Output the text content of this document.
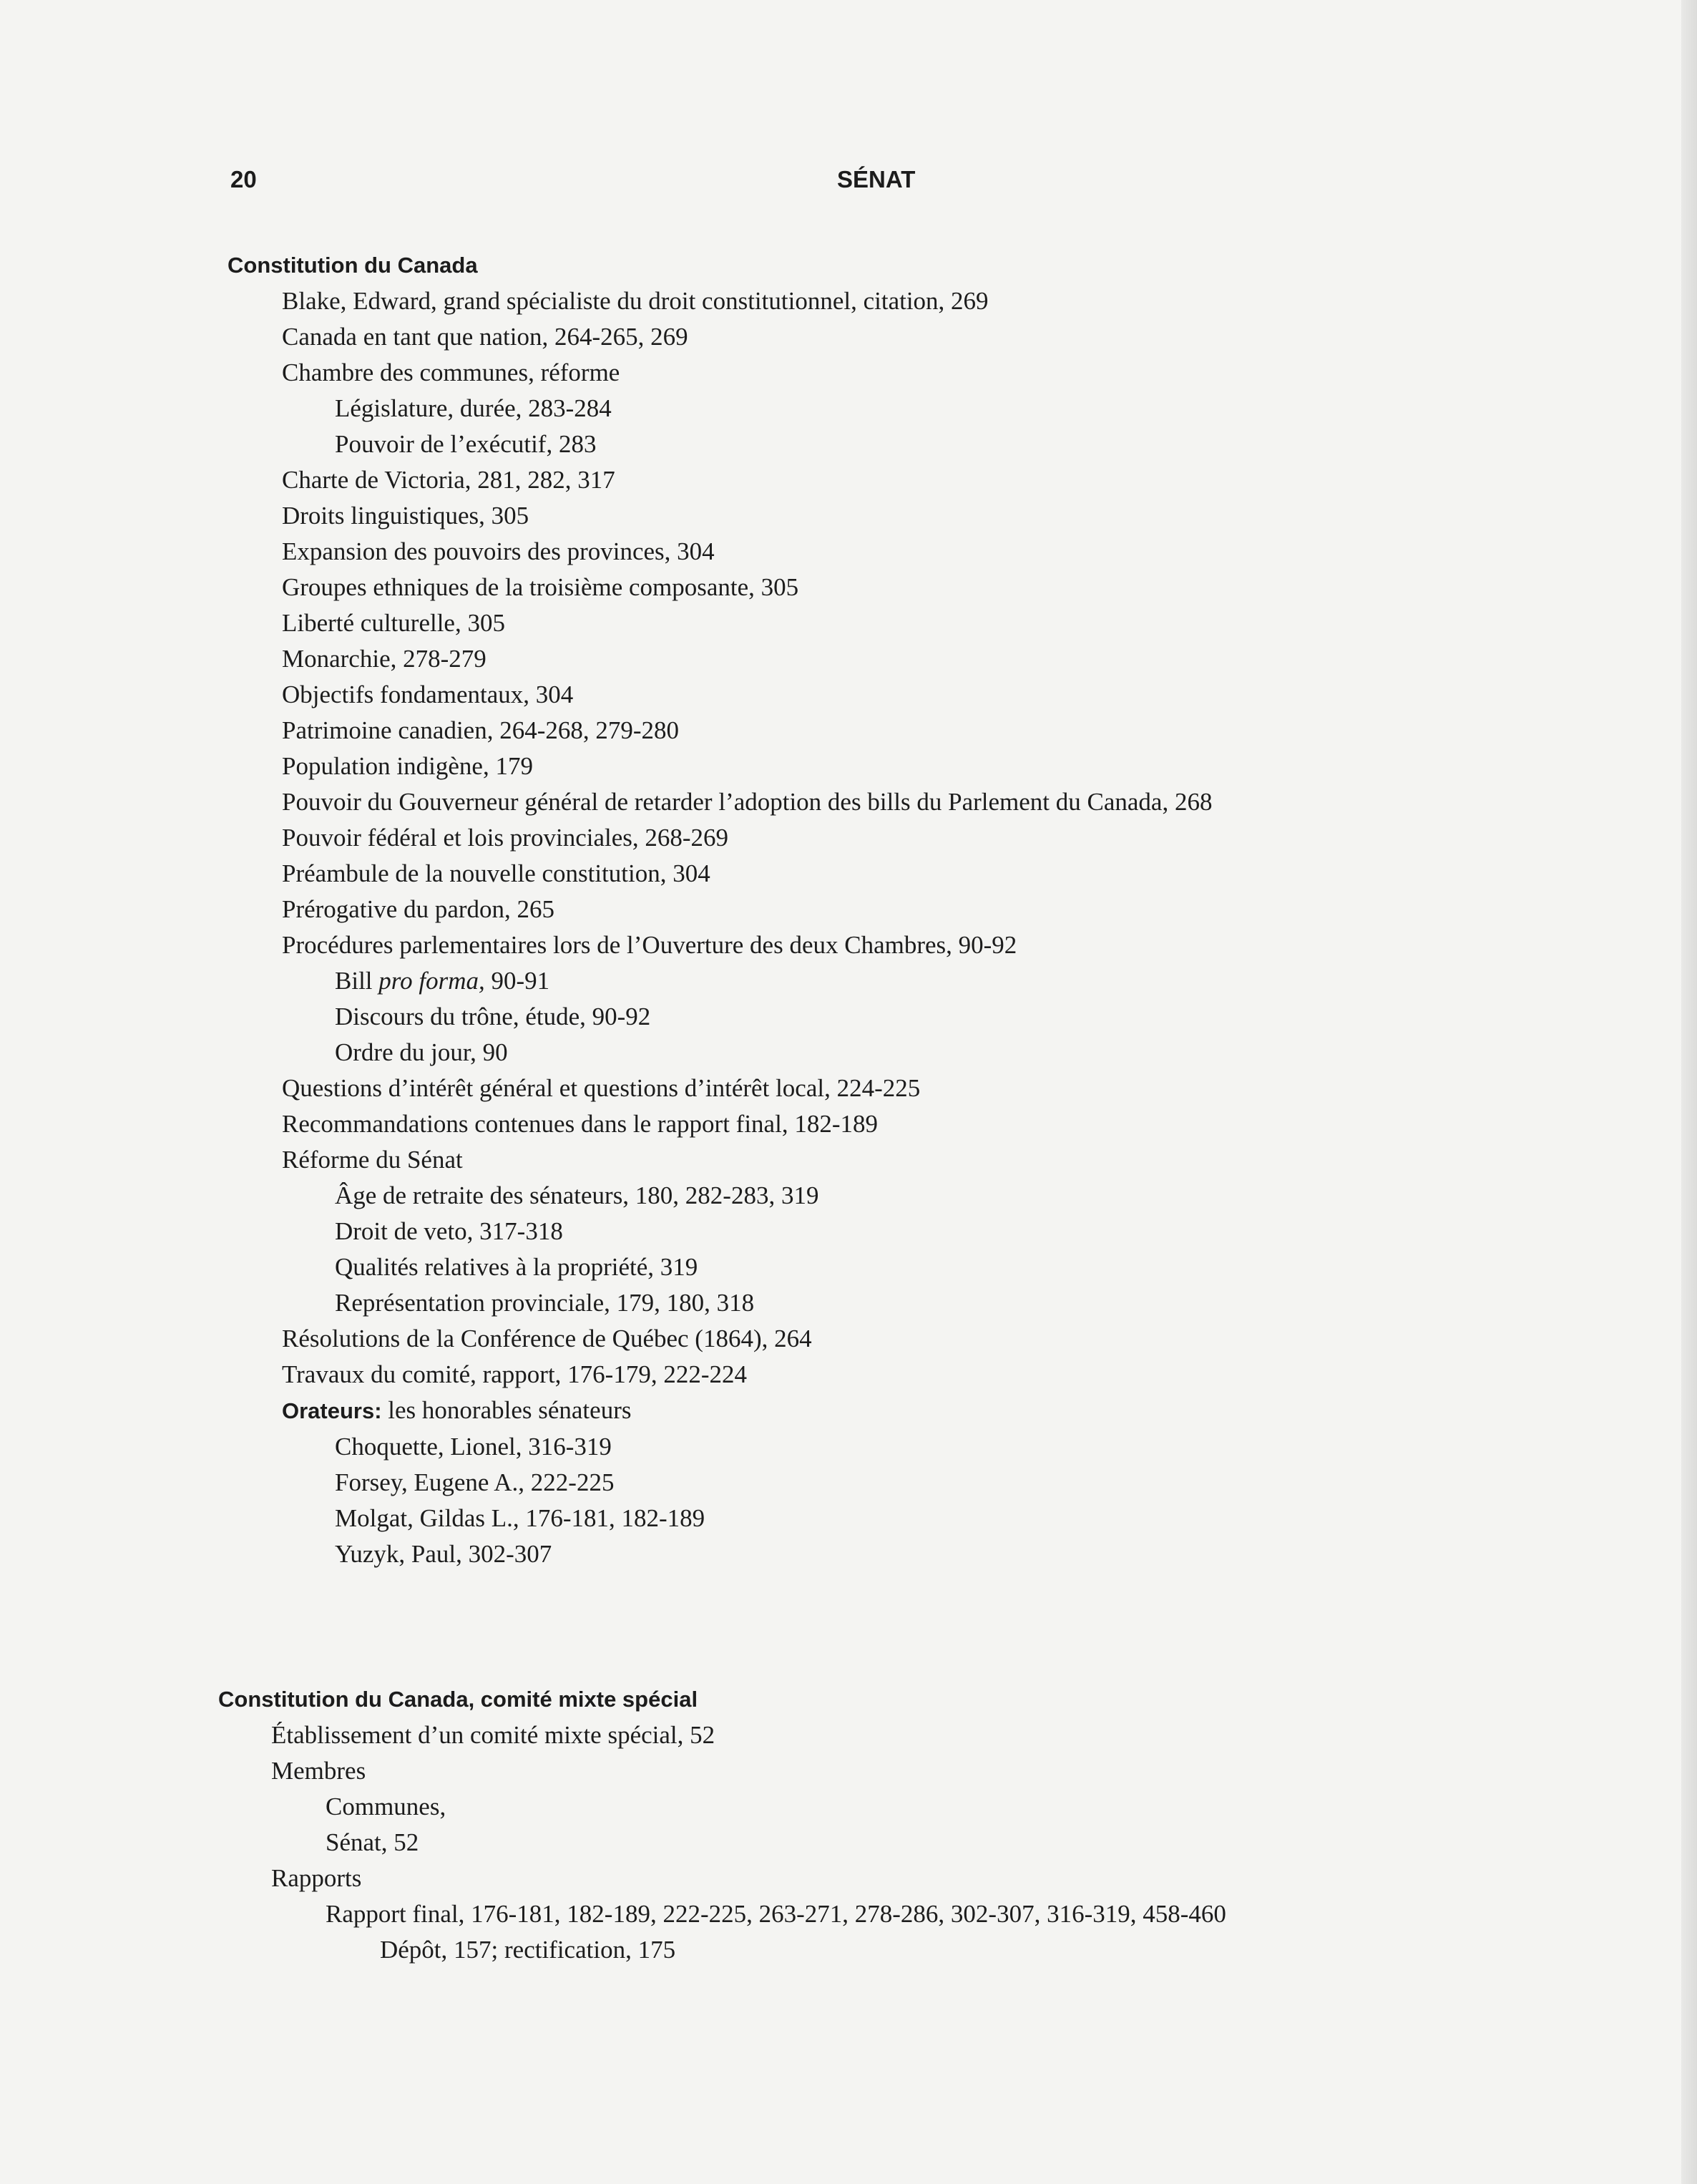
20	SÉNAT
Constitution du Canada
Blake, Edward, grand spécialiste du droit constitutionnel, citation, 269
Canada en tant que nation, 264-265, 269
Chambre des communes, réforme
Législature, durée, 283-284
Pouvoir de l’exécutif, 283
Charte de Victoria, 281, 282, 317
Droits linguistiques, 305
Expansion des pouvoirs des provinces, 304
Groupes ethniques de la troisième composante, 305
Liberté culturelle, 305
Monarchie, 278-279
Objectifs fondamentaux, 304
Patrimoine canadien, 264-268, 279-280
Population indigène, 179
Pouvoir du Gouverneur général de retarder l’adoption des bills du Parlement du Canada, 268
Pouvoir fédéral et lois provinciales, 268-269
Préambule de la nouvelle constitution, 304
Prérogative du pardon, 265
Procédures parlementaires lors de l’Ouverture des deux Chambres, 90-92
Bill pro forma, 90-91
Discours du trône, étude, 90-92
Ordre du jour, 90
Questions d’intérêt général et questions d’intérêt local, 224-225
Recommandations contenues dans le rapport final, 182-189
Réforme du Sénat
Âge de retraite des sénateurs, 180, 282-283, 319
Droit de veto, 317-318
Qualités relatives à la propriété, 319
Représentation provinciale, 179, 180, 318
Résolutions de la Conférence de Québec (1864), 264
Travaux du comité, rapport, 176-179, 222-224
Orateurs: les honorables sénateurs
Choquette, Lionel, 316-319
Forsey, Eugene A., 222-225
Molgat, Gildas L., 176-181, 182-189
Yuzyk, Paul, 302-307
Constitution du Canada, comité mixte spécial
Établissement d’un comité mixte spécial, 52
Membres
Communes,
Sénat, 52
Rapports
Rapport final, 176-181, 182-189, 222-225, 263-271, 278-286, 302-307, 316-319, 458-460
Dépôt, 157; rectification, 175
